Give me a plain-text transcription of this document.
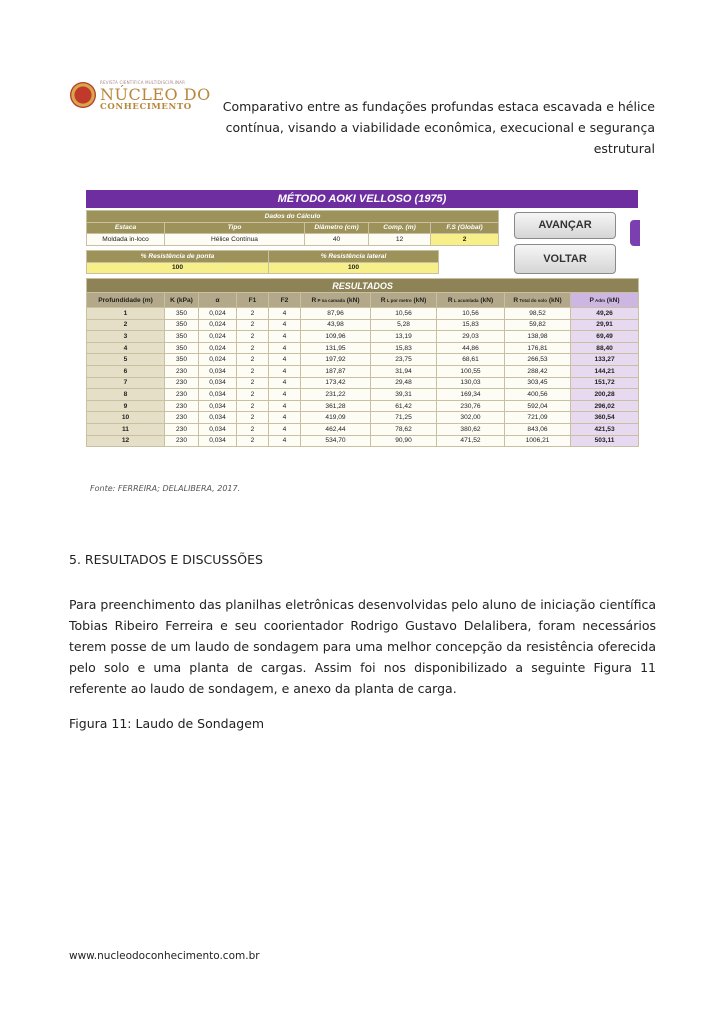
REVISTA CIENTÍFICA MULTIDISCIPLINAR
NÚCLEO DO
CONHECIMENTO	Comparativo entre as fundações profundas estaca escavada e hélice
contínua, visando a viabilidade econômica, execucional e segurança
estrutural
MÉTODO AOKI VELLOSO (1975)
Dados do Cálculo				
Estaca	Tipo	Diâmetro (cm)	Comp. (m)	F.S (Global)
Moldada in-loco	Hélice Contínua	40	12	2
% Resistência de ponta	% Resistência lateral
100	100
AVANÇAR
VOLTAR
RESULTADOS									
Profundidade (m)	K (kPa)	α	F1	F2	R P na camada (kN)	R L por metro (kN)	R L acumlada (kN)	R Total do solo (kN)	P Adm (kN)
1	350	0,024	2	4	87,96	10,56	10,56	98,52	49,26
2	350	0,024	2	4	43,98	5,28	15,83	59,82	29,91
3	350	0,024	2	4	109,96	13,19	29,03	138,98	69,49
4	350	0,024	2	4	131,95	15,83	44,86	176,81	88,40
5	350	0,024	2	4	197,92	23,75	68,61	266,53	133,27
6	230	0,034	2	4	187,87	31,94	100,55	288,42	144,21
7	230	0,034	2	4	173,42	29,48	130,03	303,45	151,72
8	230	0,034	2	4	231,22	39,31	169,34	400,56	200,28
9	230	0,034	2	4	361,28	61,42	230,76	592,04	296,02
10	230	0,034	2	4	419,09	71,25	302,00	721,09	360,54
11	230	0,034	2	4	462,44	78,62	380,62	843,06	421,53
12	230	0,034	2	4	534,70	90,90	471,52	1006,21	503,11
Fonte: FERREIRA; DELALIBERA, 2017.
5. RESULTADOS E DISCUSSÕES
Para preenchimento das planilhas eletrônicas desenvolvidas pelo aluno de iniciação científica Tobias Ribeiro Ferreira e seu coorientador Rodrigo Gustavo Delalibera, foram necessários terem posse de um laudo de sondagem para uma melhor concepção da resistência oferecida pelo solo e uma planta de cargas. Assim foi nos disponibilizado a seguinte Figura 11 referente ao laudo de sondagem, e anexo da planta de carga.
Figura 11: Laudo de Sondagem
www.nucleodoconhecimento.com.br
